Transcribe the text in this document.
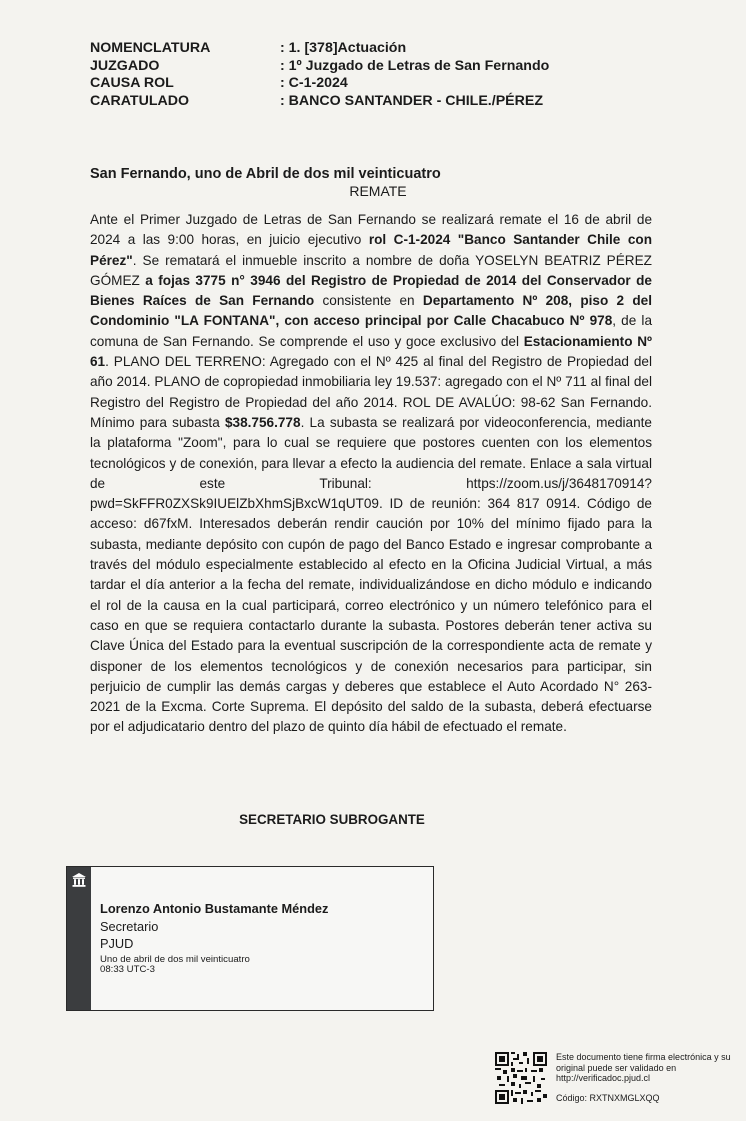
NOMENCLATURA	: 1. [378]Actuación
JUZGADO	: 1º Juzgado de Letras de San Fernando
CAUSA ROL	: C-1-2024
CARATULADO	: BANCO SANTANDER - CHILE./PÉREZ
San Fernando, uno de Abril de dos mil veinticuatro
REMATE
Ante el Primer Juzgado de Letras de San Fernando se realizará remate el 16 de abril de 2024 a las 9:00 horas, en juicio ejecutivo rol C-1-2024 "Banco Santander Chile con Pérez". Se rematará el inmueble inscrito a nombre de doña YOSELYN BEATRIZ PÉREZ GÓMEZ a fojas 3775 n° 3946 del Registro de Propiedad de 2014 del Conservador de Bienes Raíces de San Fernando consistente en Departamento Nº 208, piso 2 del Condominio "LA FONTANA", con acceso principal por Calle Chacabuco Nº 978, de la comuna de San Fernando. Se comprende el uso y goce exclusivo del Estacionamiento Nº 61. PLANO DEL TERRENO: Agregado con el Nº 425 al final del Registro de Propiedad del año 2014. PLANO de copropiedad inmobiliaria ley 19.537: agregado con el Nº 711 al final del Registro del Registro de Propiedad del año 2014. ROL DE AVALÚO: 98-62 San Fernando. Mínimo para subasta $38.756.778. La subasta se realizará por videoconferencia, mediante la plataforma "Zoom", para lo cual se requiere que postores cuenten con los elementos tecnológicos y de conexión, para llevar a efecto la audiencia del remate. Enlace a sala virtual de este Tribunal: https://zoom.us/j/3648170914?pwd=SkFFR0ZXSk9IUElZbXhmSjBxcW1qUT09. ID de reunión: 364 817 0914. Código de acceso: d67fxM. Interesados deberán rendir caución por 10% del mínimo fijado para la subasta, mediante depósito con cupón de pago del Banco Estado e ingresar comprobante a través del módulo especialmente establecido al efecto en la Oficina Judicial Virtual, a más tardar el día anterior a la fecha del remate, individualizándose en dicho módulo e indicando el rol de la causa en la cual participará, correo electrónico y un número telefónico para el caso en que se requiera contactarlo durante la subasta. Postores deberán tener activa su Clave Única del Estado para la eventual suscripción de la correspondiente acta de remate y disponer de los elementos tecnológicos y de conexión necesarios para participar, sin perjuicio de cumplir las demás cargas y deberes que establece el Auto Acordado N° 263-2021 de la Excma. Corte Suprema. El depósito del saldo de la subasta, deberá efectuarse por el adjudicatario dentro del plazo de quinto día hábil de efectuado el remate.
SECRETARIO SUBROGANTE
Lorenzo Antonio Bustamante Méndez
Secretario
PJUD
Uno de abril de dos mil veinticuatro
08:33 UTC-3
Este documento tiene firma electrónica y su original puede ser validado en http://verificadoc.pjud.cl
Código: RXTNXMGLXQQ
